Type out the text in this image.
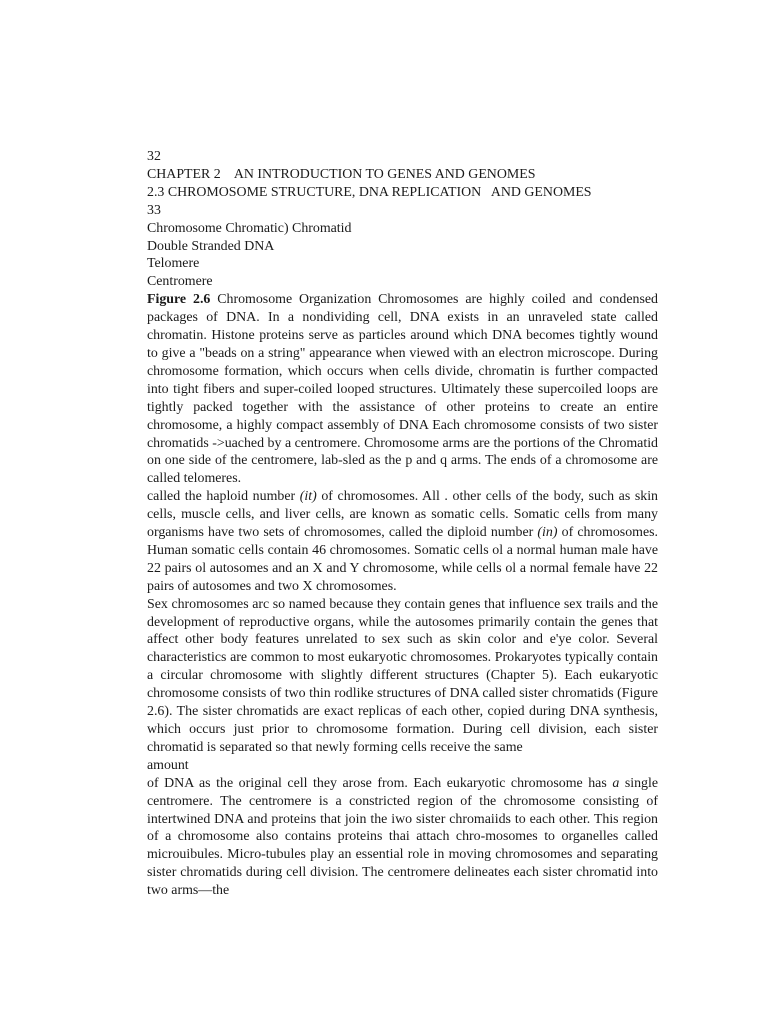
32
CHAPTER 2    AN INTRODUCTION TO GENES AND GENOMES
2.3 CHROMOSOME STRUCTURE, DNA REPLICATION   AND GENOMES
33
Chromosome Chromatic) Chromatid
Double Stranded DNA
Telomere
Centromere
Figure 2.6 Chromosome Organization Chromosomes are highly coiled and condensed packages of DNA. In a nondividing cell, DNA exists in an unraveled state called chromatin. Histone proteins serve as particles around which DNA becomes tightly wound to give a "beads on a string" appearance when viewed with an electron microscope. During chromosome formation, which occurs when cells divide, chromatin is further compacted into tight fibers and super-coiled looped structures. Ultimately these supercoiled loops are tightly packed together with the assistance of other proteins to create an entire chromosome, a highly compact assembly of DNA Each chromosome consists of two sister chromatids ->uached by a centromere. Chromosome arms are the portions of the Chromatid on one side of the centromere, lab-sled as the p and q arms. The ends of a chromosome are called telomeres.
called the haploid number (it) of chromosomes. All . other cells of the body, such as skin cells, muscle cells, and liver cells, are known as somatic cells. Somatic cells from many organisms have two sets of chromosomes, called the diploid number (in) of chromosomes. Human somatic cells contain 46 chromosomes. Somatic cells ol a normal human male have 22 pairs ol autosomes and an X and Y chromosome, while cells ol a normal female have 22 pairs of autosomes and two X chromosomes.
Sex chromosomes arc so named because they contain genes that influence sex trails and the development of reproductive organs, while the autosomes primarily contain the genes that affect other body features unrelated to sex such as skin color and e'ye color. Several characteristics are common to most eukaryotic chromosomes. Prokaryotes typically contain a circular chromosome with slightly different structures (Chapter 5). Each eukaryotic chromosome consists of two thin rodlike structures of DNA called sister chromatids (Figure 2.6). The sister chromatids are exact replicas of each other, copied during DNA synthesis, which occurs just prior to chromosome formation. During cell division, each sister chromatid is separated so that newly forming cells receive the same
amount
of DNA as the original cell they arose from. Each eukaryotic chromosome has a single centromere. The centromere is a constricted region of the chromosome consisting of intertwined DNA and proteins that join the iwo sister chromaiids to each other. This region of a chromosome also contains proteins thai attach chro-mosomes to organelles called microuibules. Micro-tubules play an essential role in moving chromosomes and separating sister chromatids during cell division. The centromere delineates each sister chromatid into two arms—the
